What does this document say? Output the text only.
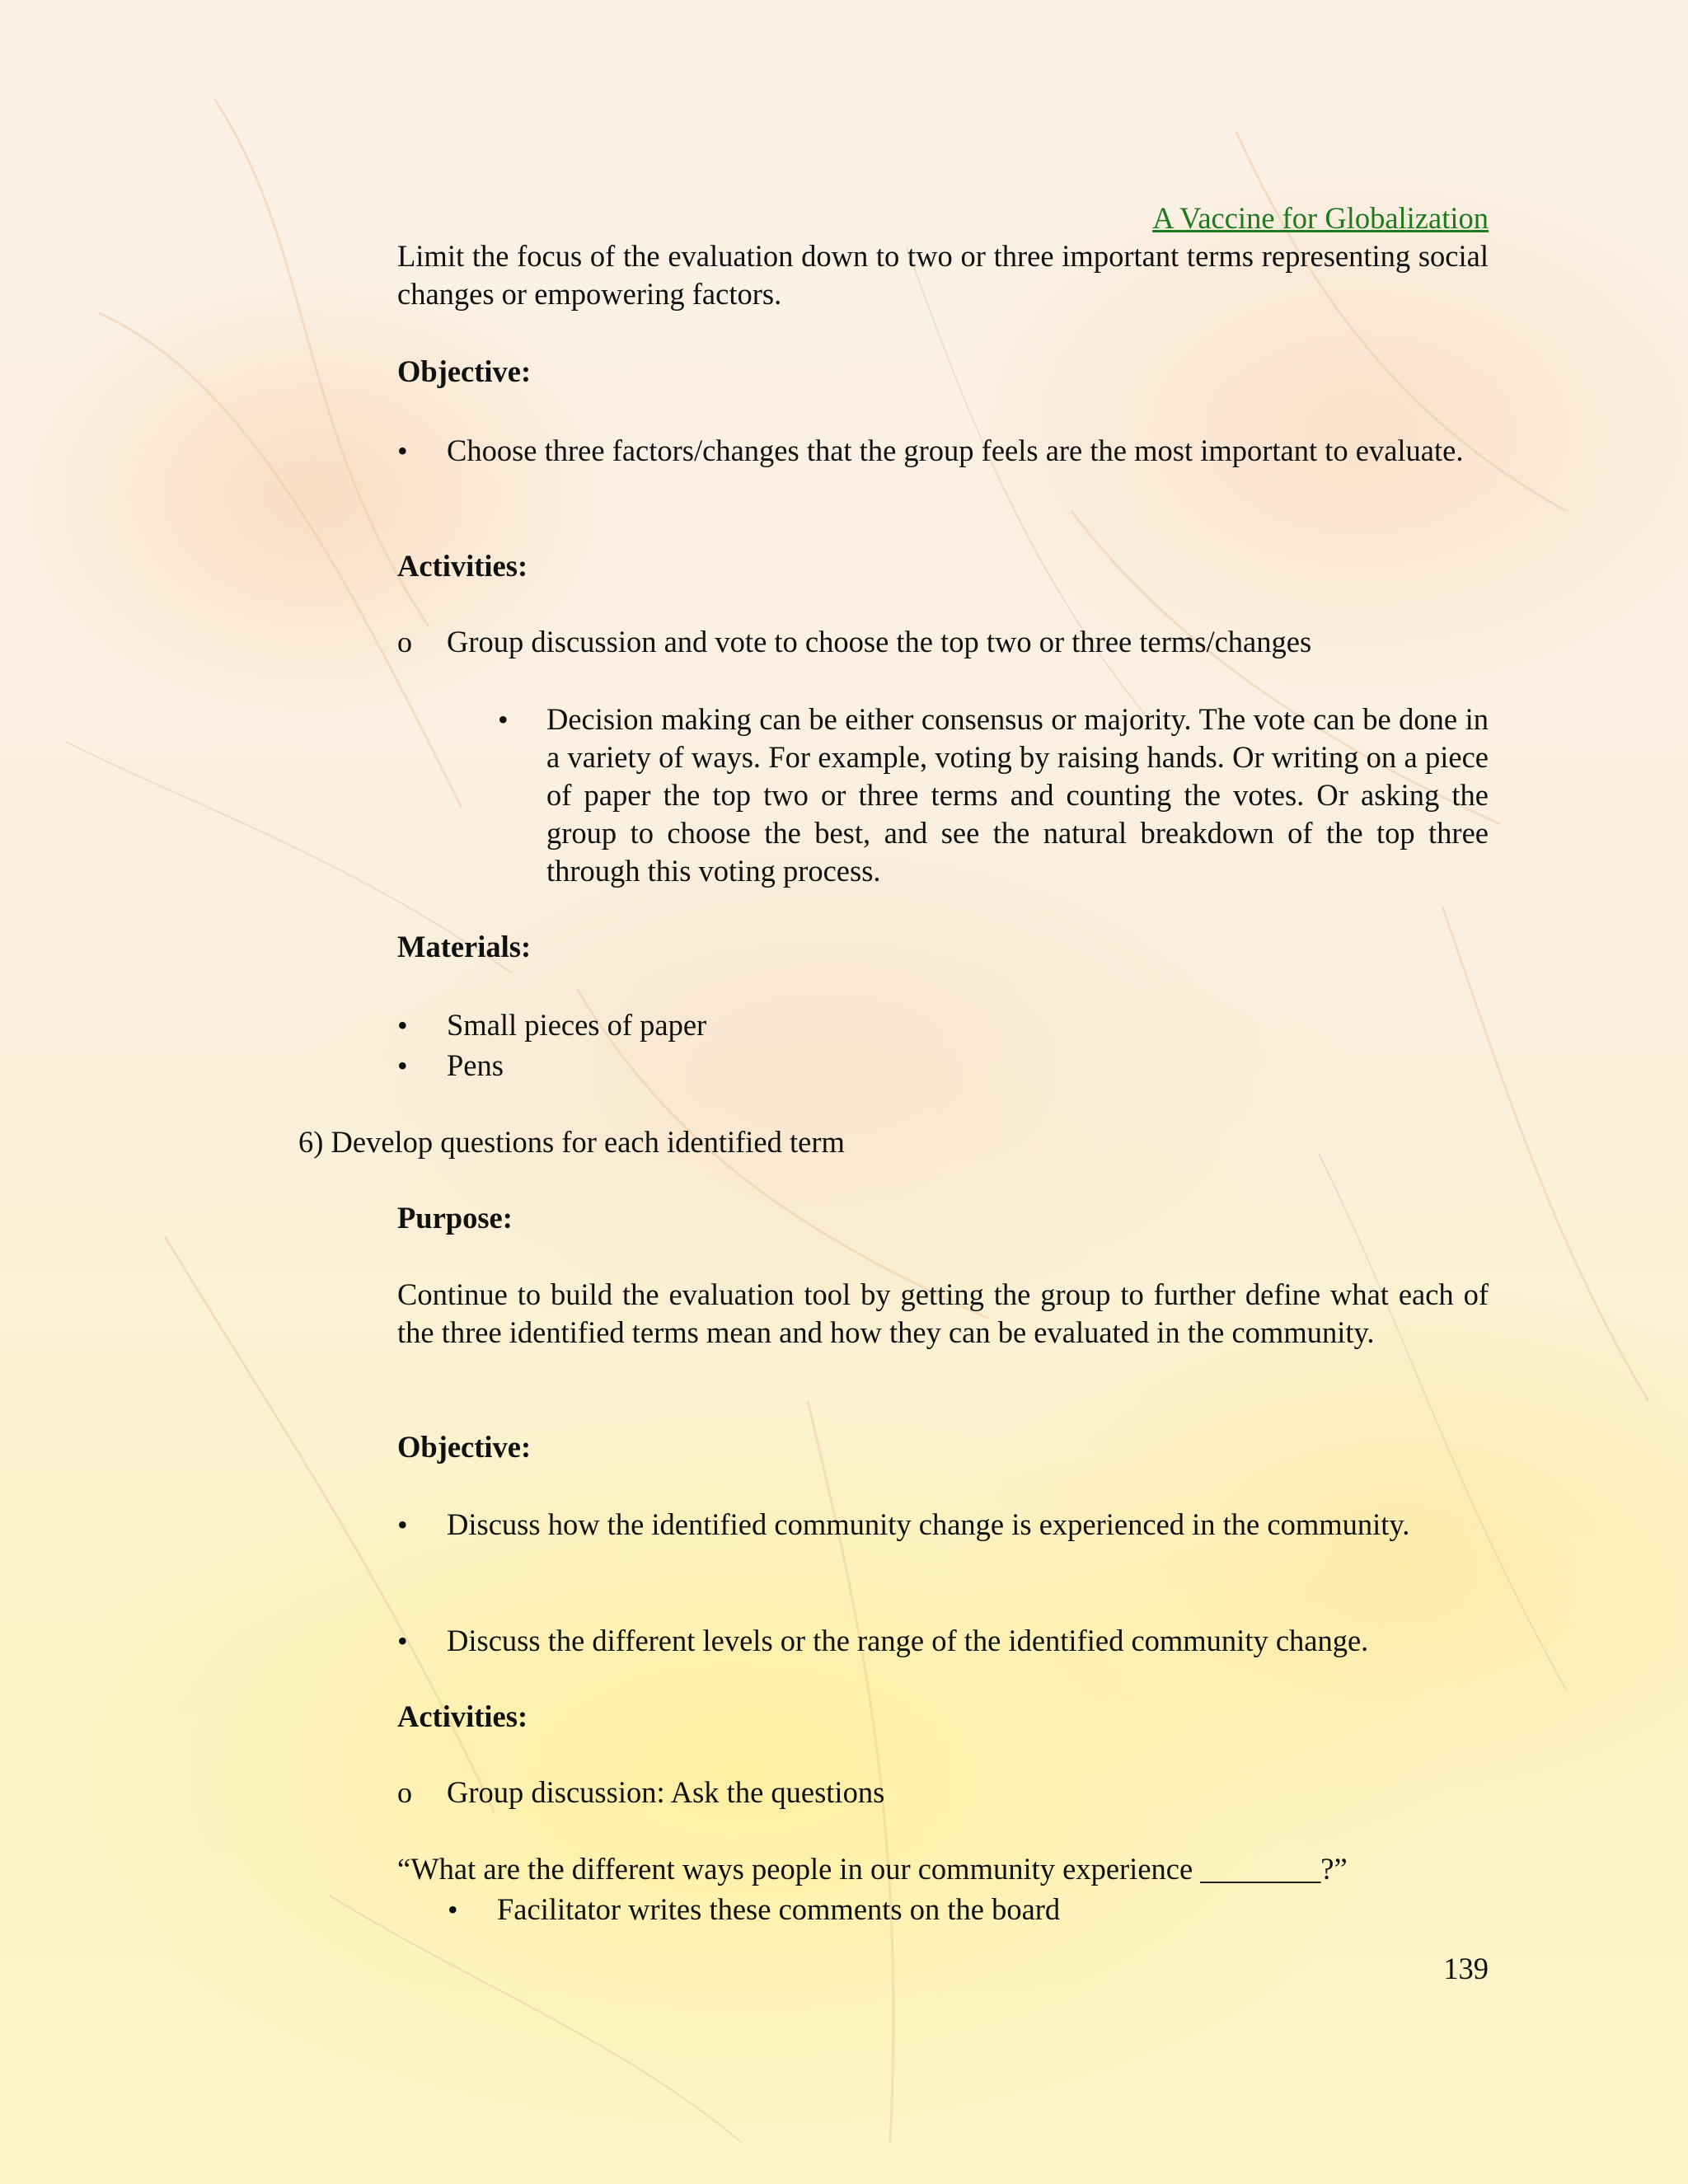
A Vaccine for Globalization
Limit the focus of the evaluation down to two or three important terms representing social changes or empowering factors.
Objective:
• Choose three factors/changes that the group feels are the most important to evaluate.
Activities:
o Group discussion and vote to choose the top two or three terms/changes
• Decision making can be either consensus or majority. The vote can be done in a variety of ways. For example, voting by raising hands. Or writing on a piece of paper the top two or three terms and counting the votes. Or asking the group to choose the best, and see the natural breakdown of the top three through this voting process.
Materials:
• Small pieces of paper
• Pens
6) Develop questions for each identified term
Purpose:
Continue to build the evaluation tool by getting the group to further define what each of the three identified terms mean and how they can be evaluated in the community.
Objective:
• Discuss how the identified community change is experienced in the community.
• Discuss the different levels or the range of the identified community change.
Activities:
o Group discussion: Ask the questions
“What are the different ways people in our community experience ________?”
• Facilitator writes these comments on the board
139
